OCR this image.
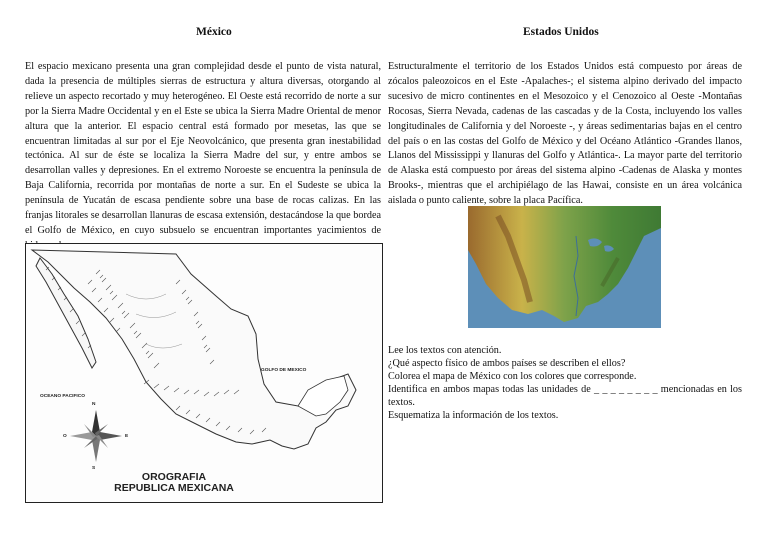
México	Estados Unidos
El espacio mexicano presenta una gran complejidad desde el punto de vista natural, dada la presencia de múltiples sierras de estructura y altura diversas, otorgando al relieve un aspecto recortado y muy heterogéneo. El Oeste está recorrido de norte a sur por la Sierra Madre Occidental y en el Este se ubica la Sierra Madre Oriental de menor altura que la anterior. El espacio central está formado por mesetas, las que se encuentran limitadas al sur por el Eje Neovolcánico, que presenta gran inestabilidad tectónica. Al sur de éste se localiza la Sierra Madre del sur, y entre ambos se desarrollan valles y depresiones. En el extremo Noroeste se encuentra la península de Baja California, recorrida por montañas de norte a sur. En el Sudeste se ubica la península de Yucatán de escasa pendiente sobre una base de rocas calizas. En las franjas litorales se desarrollan llanuras de escasa extensión, destacándose la que bordea el Golfo de México, en cuyo subsuelo se encuentran importantes yacimientos de
Estructuralmente el territorio de los Estados Unidos está compuesto por áreas de zócalos paleozoicos en el Este -Apalaches-; el sistema alpino derivado del impacto sucesivo de micro continentes en el Mesozoico y el Cenozoico al Oeste -Montañas Rocosas, Sierra Nevada, cadenas de las cascadas y de la Costa, incluyendo los valles longitudinales de California y del Noroeste -, y áreas sedimentarias bajas en el centro del país o en las costas del Golfo de México y del Océano Atlántico -Grandes llanos, Llanos del Mississippi y llanuras del Golfo y Atlántica-. La mayor parte del territorio de Alaska está compuesto por áreas del sistema alpino -Cadenas de Alaska y montes Brooks-, mientras que el archipiélago de las Hawai, consiste en un área volcánica aislada o punto caliente, sobre la placa Pacífica.
GOLFO DE MEXICO
OCEANO PACIFICO
N
S
E
O
OROGRAFIA
REPUBLICA MEXICANA
Lee los textos con atención.
¿Qué aspecto físico de ambos países se describen el ellos?
Colorea el mapa de México con los colores que corresponde.
Identifica en ambos mapas todas las unidades de _ _ _ _ _ _ _ _ mencionadas en los textos.
Esquematiza la información de los textos.
